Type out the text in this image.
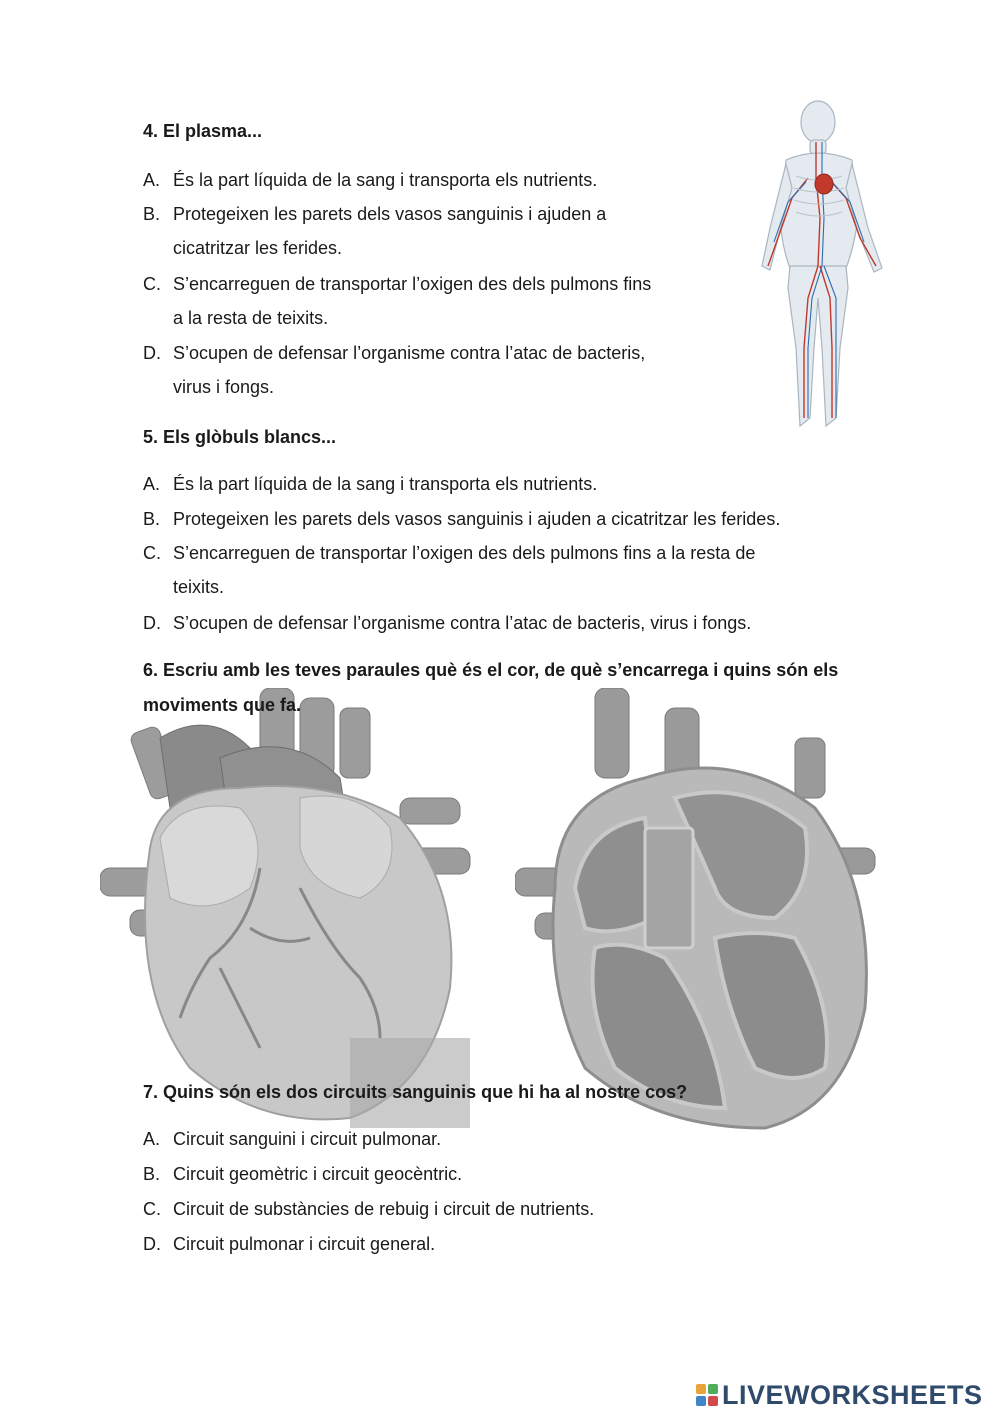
4. El plasma...
A. És la part líquida de la sang i transporta els nutrients.
B. Protegeixen les parets dels vasos sanguinis i ajuden a
cicatritzar les ferides.
C. S’encarreguen de transportar l’oxigen des dels pulmons fins
a la resta de teixits.
D. S’ocupen de defensar l’organisme contra l’atac de bacteris,
virus i fongs.
5. Els glòbuls blancs...
A. És la part líquida de la sang i transporta els nutrients.
B. Protegeixen les parets dels vasos sanguinis i ajuden a cicatritzar les ferides.
C. S’encarreguen de transportar l’oxigen des dels pulmons fins a la resta de
teixits.
D. S’ocupen de defensar l’organisme contra l’atac de bacteris, virus i fongs.
6. Escriu amb les teves paraules què és el cor, de què s’encarrega i quins són els moviments que fa.
7. Quins són els dos circuits sanguinis que hi ha al nostre cos?
A. Circuit sanguini i circuit pulmonar.
B. Circuit geomètric i circuit geocèntric.
C. Circuit de substàncies de rebuig i circuit de nutrients.
D. Circuit pulmonar i circuit general.
LIVEWORKSHEETS
